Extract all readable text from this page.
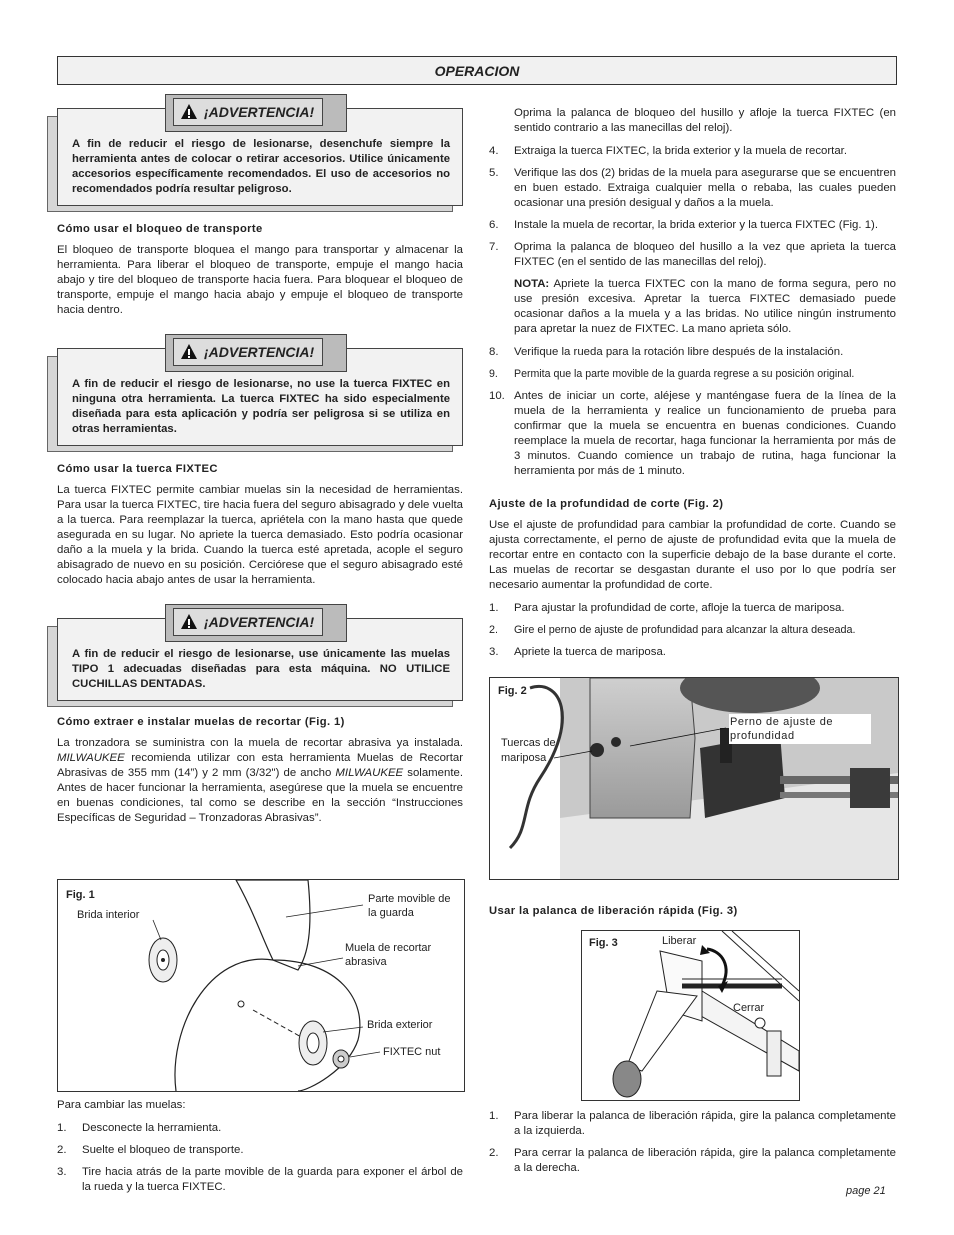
OPERACION
¡ADVERTENCIA!
A fin de reducir el riesgo de lesionarse, desenchufe siempre la herramienta antes de colocar o retirar accesorios. Utilice únicamente accesorios específicamente recomendados. El uso de accesorios no recomendados podría resultar peligroso.
Cómo usar el bloqueo de transporte

El bloqueo de transporte bloquea el mango para transportar y almacenar la herramienta. Para liberar el bloqueo de transporte, empuje el mango hacia abajo y tire del bloqueo de transporte hacia fuera. Para bloquear el bloqueo de transporte, empuje el mango hacia abajo y empuje el bloqueo de transporte hacia dentro.

¡ADVERTENCIA!
A fin de reducir el riesgo de lesionarse, no use la tuerca FIXTEC en ninguna otra herramienta. La tuerca FIXTEC ha sido especialmente diseñada para esta aplicación y podría ser peligrosa si se utiliza en otras herramientas.
Cómo usar la tuerca FIXTEC

La tuerca FIXTEC permite cambiar muelas sin la necesidad de herramientas. Para usar la tuerca FIXTEC, tire hacia fuera del seguro abisagrado y dele vuelta a la tuerca. Para reemplazar la tuerca, apriétela con la mano hasta que quede asegurada en su lugar. No apriete la tuerca demasiado. Esto podría ocasionar daño a la muela y la brida. Cuando la tuerca esté apretada, acople el seguro abisagrado de nuevo en su posición. Cerciórese que el seguro abisagrado esté colocado hacia abajo antes de usar la herramienta.

¡ADVERTENCIA!
A fin de reducir el riesgo de lesionarse, use únicamente las muelas TIPO 1 adecuadas diseñadas para esta máquina. NO UTILICE CUCHILLAS DENTADAS.
Cómo extraer e instalar muelas de recortar (Fig. 1)

La tronzadora se suministra con la muela de recortar abrasiva ya instalada. MILWAUKEE recomienda utilizar con esta herramienta Muelas de Recortar Abrasivas de 355 mm (14”) y 2 mm (3/32") de ancho MILWAUKEE solamente. Antes de hacer funcionar la herramienta, asegúrese que la muela se encuentre en buenas condiciones, tal como se describe en la sección “Instrucciones Específicas de Seguridad – Tronzadoras Abrasivas”.

Fig. 1
Brida interior
Parte movible de la guarda
Muela de recortar abrasiva
Brida exterior
FIXTEC nut

Para cambiar las muelas:

1. Desconecte la herramienta.
2. Suelte el bloqueo de transporte.
3. Tire hacia atrás de la parte movible de la guarda para exponer el árbol de la rueda y la tuerca FIXTEC.

Oprima la palanca de bloqueo del husillo y afloje la tuerca FIXTEC (en sentido contrario a las manecillas del reloj).

4. Extraiga la tuerca FIXTEC, la brida exterior y la muela de recortar.
5. Verifique las dos (2) bridas de la muela para asegurarse que se encuentren en buen estado. Extraiga cualquier mella o rebaba, las cuales pueden ocasionar una presión desigual y daños a la muela.
6. Instale la muela de recortar, la brida exterior y la tuerca FIXTEC (Fig. 1).
7. Oprima la palanca de bloqueo del husillo a la vez que aprieta la tuerca FIXTEC (en el sentido de las manecillas del reloj).

NOTA: Apriete la tuerca FIXTEC con la mano de forma segura, pero no use presión excesiva. Apretar la tuerca FIXTEC demasiado puede ocasionar daños a la muela y a las bridas. No utilice ningún instrumento para apretar la nuez de FIXTEC. La mano aprieta sólo.

8. Verifique la rueda para la rotación libre después de la instalación.
9. Permita que la parte movible de la guarda regrese a su posición original.
10. Antes de iniciar un corte, aléjese y manténgase fuera de la línea de la muela de la herramienta y realice un funcionamiento de prueba para confirmar que la muela se encuentra en buenas condiciones. Cuando reemplace la muela de recortar, haga funcionar la herramienta por más de 3 minutos. Cuando comience un trabajo de rutina, haga funcionar la herramienta por más de 1 minuto.
Ajuste de la profundidad de corte (Fig. 2)

Use el ajuste de profundidad para cambiar la profundidad de corte. Cuando se ajusta correctamente, el perno de ajuste de profundidad evita que la muela de recortar entre en contacto con la superficie debajo de la base durante el corte. Las muelas de recortar se desgastan durante el uso por lo que podría ser necesario aumentar la profundidad de corte.

1. Para ajustar la profundidad de corte, afloje la tuerca de mariposa.
2. Gire el perno de ajuste de profundidad para alcanzar la altura deseada.
3. Apriete la tuerca de mariposa.
Fig. 2
Perno de ajuste de profundidad
Tuercas de mariposa
Usar la palanca de liberación rápida (Fig. 3)
Fig. 3	Liberar
Cerrar
1. Para liberar la palanca de liberación rápida, gire la palanca completamente a la izquierda.
2. Para cerrar la palanca de liberación rápida, gire la palanca completamente a la derecha.
page 21
